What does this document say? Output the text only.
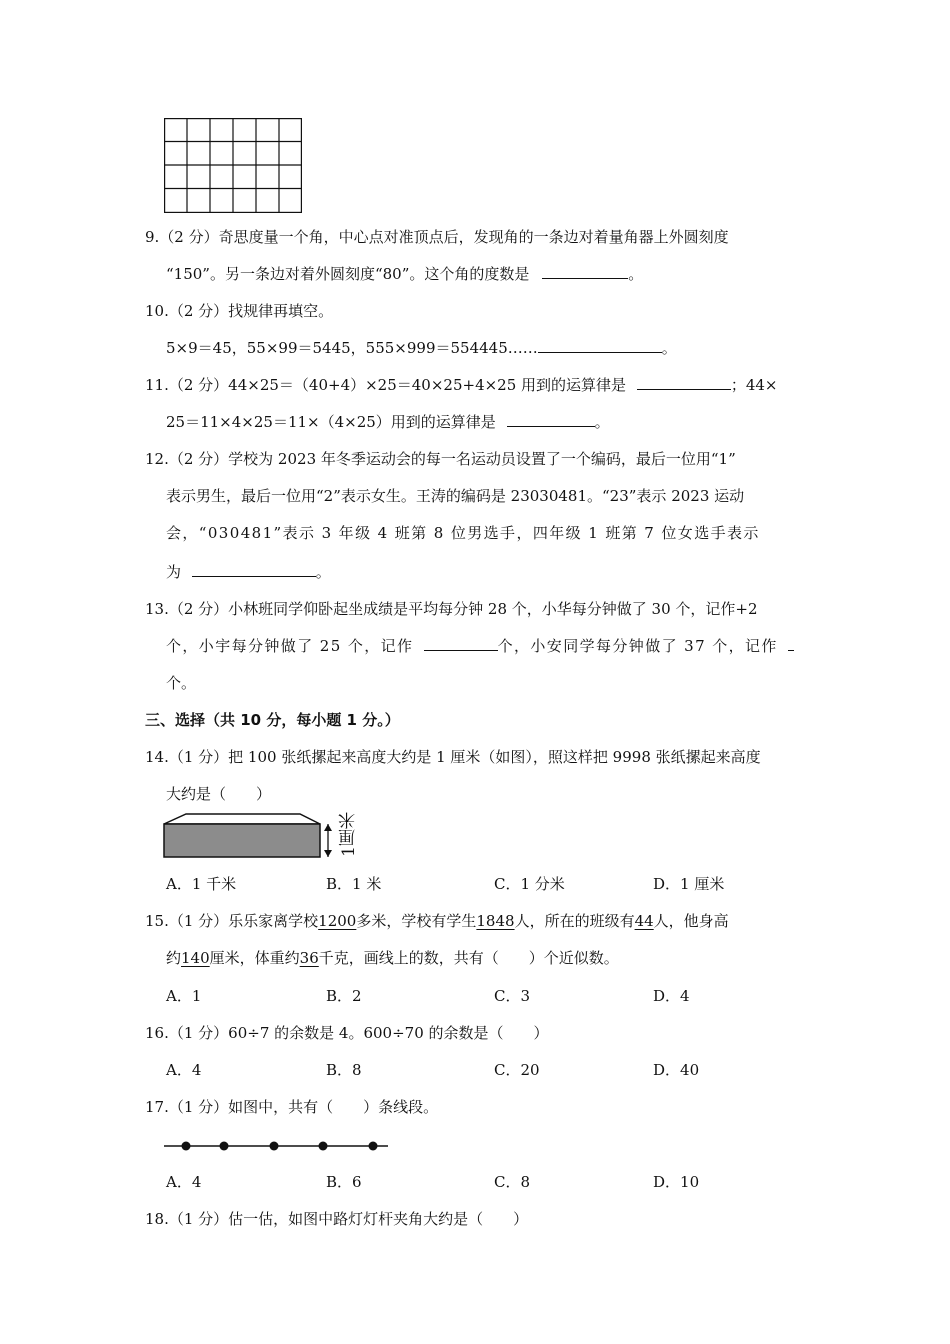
9.（2 分）奇思度量一个角，中心点对准顶点后，发现角的一条边对着量角器上外圆刻度
“150”。另一条边对着外圆刻度“80”。这个角的度数是	。
10.（2 分）找规律再填空。
5×9＝45，55×99＝5445，555×999＝554445……	。
11.（2 分）44×25＝（40+4）×25＝40×25+4×25 用到的运算律是	；44×
25＝11×4×25＝11×（4×25）用到的运算律是	。
12.（2 分）学校为 2023 年冬季运动会的每一名运动员设置了一个编码，最后一位用“1”
表示男生，最后一位用“2”表示女生。王涛的编码是 23030481。“23”表示 2023 运动
会，“030481”表示 3 年级 4 班第 8 位男选手，四年级 1 班第 7 位女选手表示
为	。
13.（2 分）小林班同学仰卧起坐成绩是平均每分钟 28 个，小华每分钟做了 30 个，记作+2
个，小宇每分钟做了 25 个，记作	个，小安同学每分钟做了 37 个，记作
个。
三、选择（共 10 分，每小题 1 分。）
14.（1 分）把 100 张纸摞起来高度大约是 1 厘米（如图），照这样把 9998 张纸摞起来高度
大约是（　　）
1厘米
A．1 千米	B．1 米	C．1 分米	D．1 厘米
15.（1 分）乐乐家离学校1200多米，学校有学生1848人，所在的班级有44人，他身高
约140厘米，体重约36千克，画线上的数，共有（　　）个近似数。
A．1	B．2	C．3	D．4
16.（1 分）60÷7 的余数是 4。600÷70 的余数是（　　）
A．4	B．8	C．20	D．40
17.（1 分）如图中，共有（　　）条线段。
A．4	B．6	C．8	D．10
18.（1 分）估一估，如图中路灯灯杆夹角大约是（　　）
